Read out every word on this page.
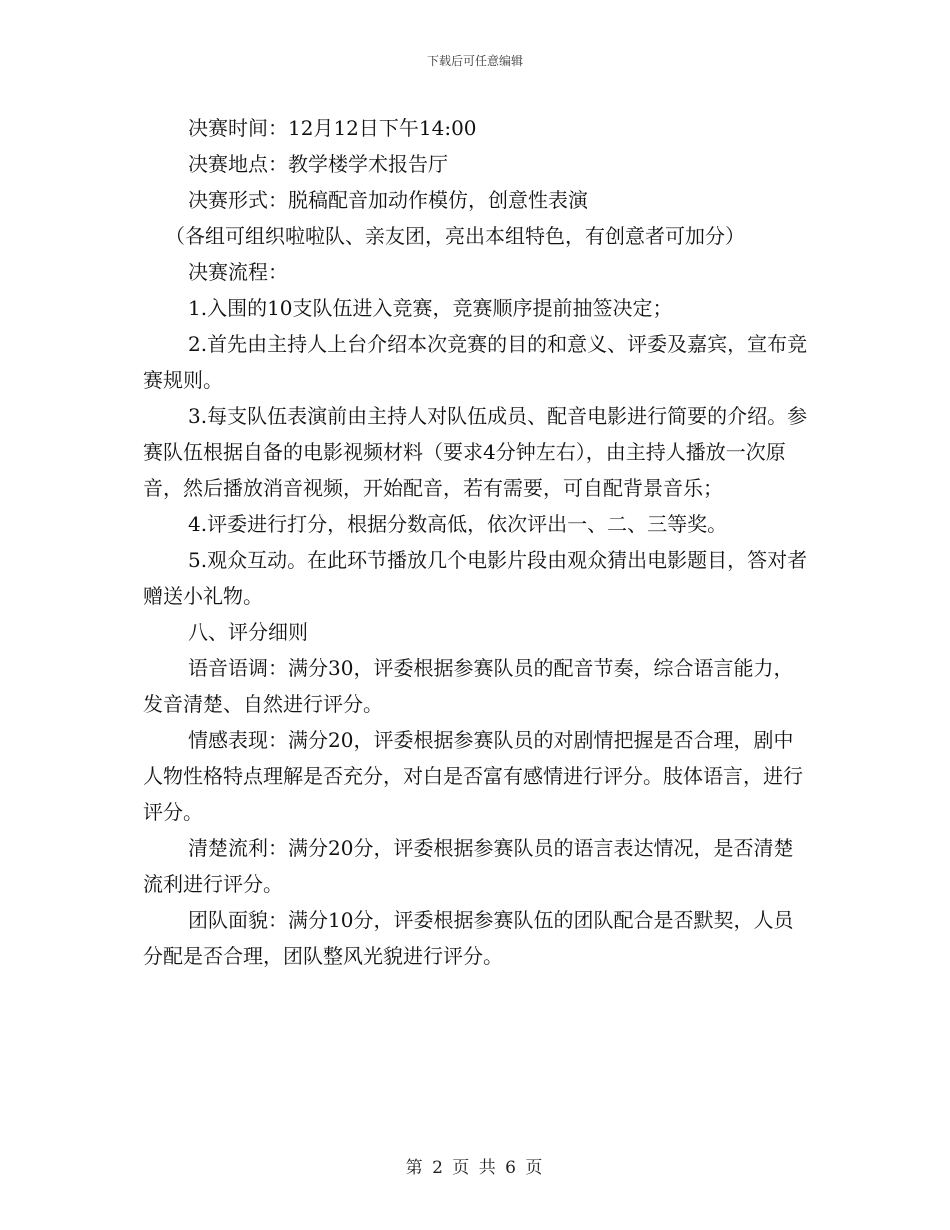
下载后可任意编辑

决赛时间：12月12日下午14:00

决赛地点：教学楼学术报告厅

决赛形式：脱稿配音加动作模仿，创意性表演

（各组可组织啦啦队、亲友团，亮出本组特色，有创意者可加分）

决赛流程：

1.入围的10支队伍进入竞赛，竞赛顺序提前抽签决定；

2.首先由主持人上台介绍本次竞赛的目的和意义、评委及嘉宾，宣布竞赛规则。

3.每支队伍表演前由主持人对队伍成员、配音电影进行简要的介绍。参赛队伍根据自备的电影视频材料（要求4分钟左右），由主持人播放一次原音，然后播放消音视频，开始配音，若有需要，可自配背景音乐；

4.评委进行打分，根据分数高低，依次评出一、二、三等奖。

5.观众互动。在此环节播放几个电影片段由观众猜出电影题目，答对者赠送小礼物。

八、评分细则

语音语调：满分30，评委根据参赛队员的配音节奏，综合语言能力，发音清楚、自然进行评分。

情感表现：满分20，评委根据参赛队员的对剧情把握是否合理，剧中人物性格特点理解是否充分，对白是否富有感情进行评分。肢体语言，进行评分。

清楚流利：满分20分，评委根据参赛队员的语言表达情况，是否清楚流利进行评分。

团队面貌：满分10分，评委根据参赛队伍的团队配合是否默契，人员分配是否合理，团队整风光貌进行评分。

第 2 页 共 6 页
